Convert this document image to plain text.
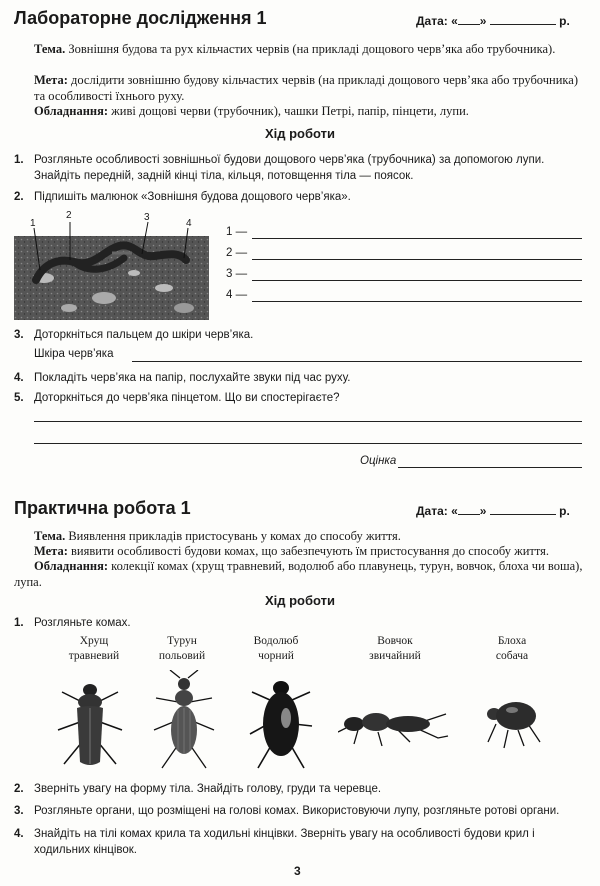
Лабораторне дослідження 1	Дата: « »	р.
Тема. Зовнішня будова та рух кільчастих червів (на прикладі дощового черв’яка або трубочника).
Мета: дослідити зовнішню будову кільчастих червів (на прикладі дощового черв’яка або трубочника) та особливості їхнього руху.
Обладнання: живі дощові черви (трубочник), чашки Петрі, папір, пінцети, лупи.
Хід роботи
1. Розгляньте особливості зовнішньої будови дощового черв’яка (трубочника) за допомогою лупи. Знайдіть передній, задній кінці тіла, кільця, потовщення тіла — поясок.
2. Підпишіть малюнок «Зовнішня будова дощового черв’яка».
1
2	3
4
1 —
2 —
3 —
4 —
3. Доторкніться пальцем до шкіри черв’яка.
Шкіра черв’яка
4. Покладіть черв’яка на папір, послухайте звуки під час руху.
5. Доторкніться до черв’яка пінцетом. Що ви спостерігаєте?
Оцінка
Практична робота 1	Дата: « »	р.
Тема. Виявлення прикладів пристосувань у комах до способу життя.
Мета: виявити особливості будови комах, що забезпечують їм пристосування до способу життя.
Обладнання: колекції комах (хрущ травневий, водолюб або плавунець, турун, вовчок, блоха чи воша), лупа.
Хід роботи
1. Розгляньте комах.
Хрущ
травневий
Турун
польовий
Водолюб
чорний
Вовчок
звичайний
Блоха
собача
2. Зверніть увагу на форму тіла. Знайдіть голову, груди та черевце.
3. Розгляньте органи, що розміщені на голові комах. Використовуючи лупу, розгляньте ротові органи.
4. Знайдіть на тілі комах крила та ходильні кінцівки. Зверніть увагу на особливості будови крил і ходильних кінцівок.
3
